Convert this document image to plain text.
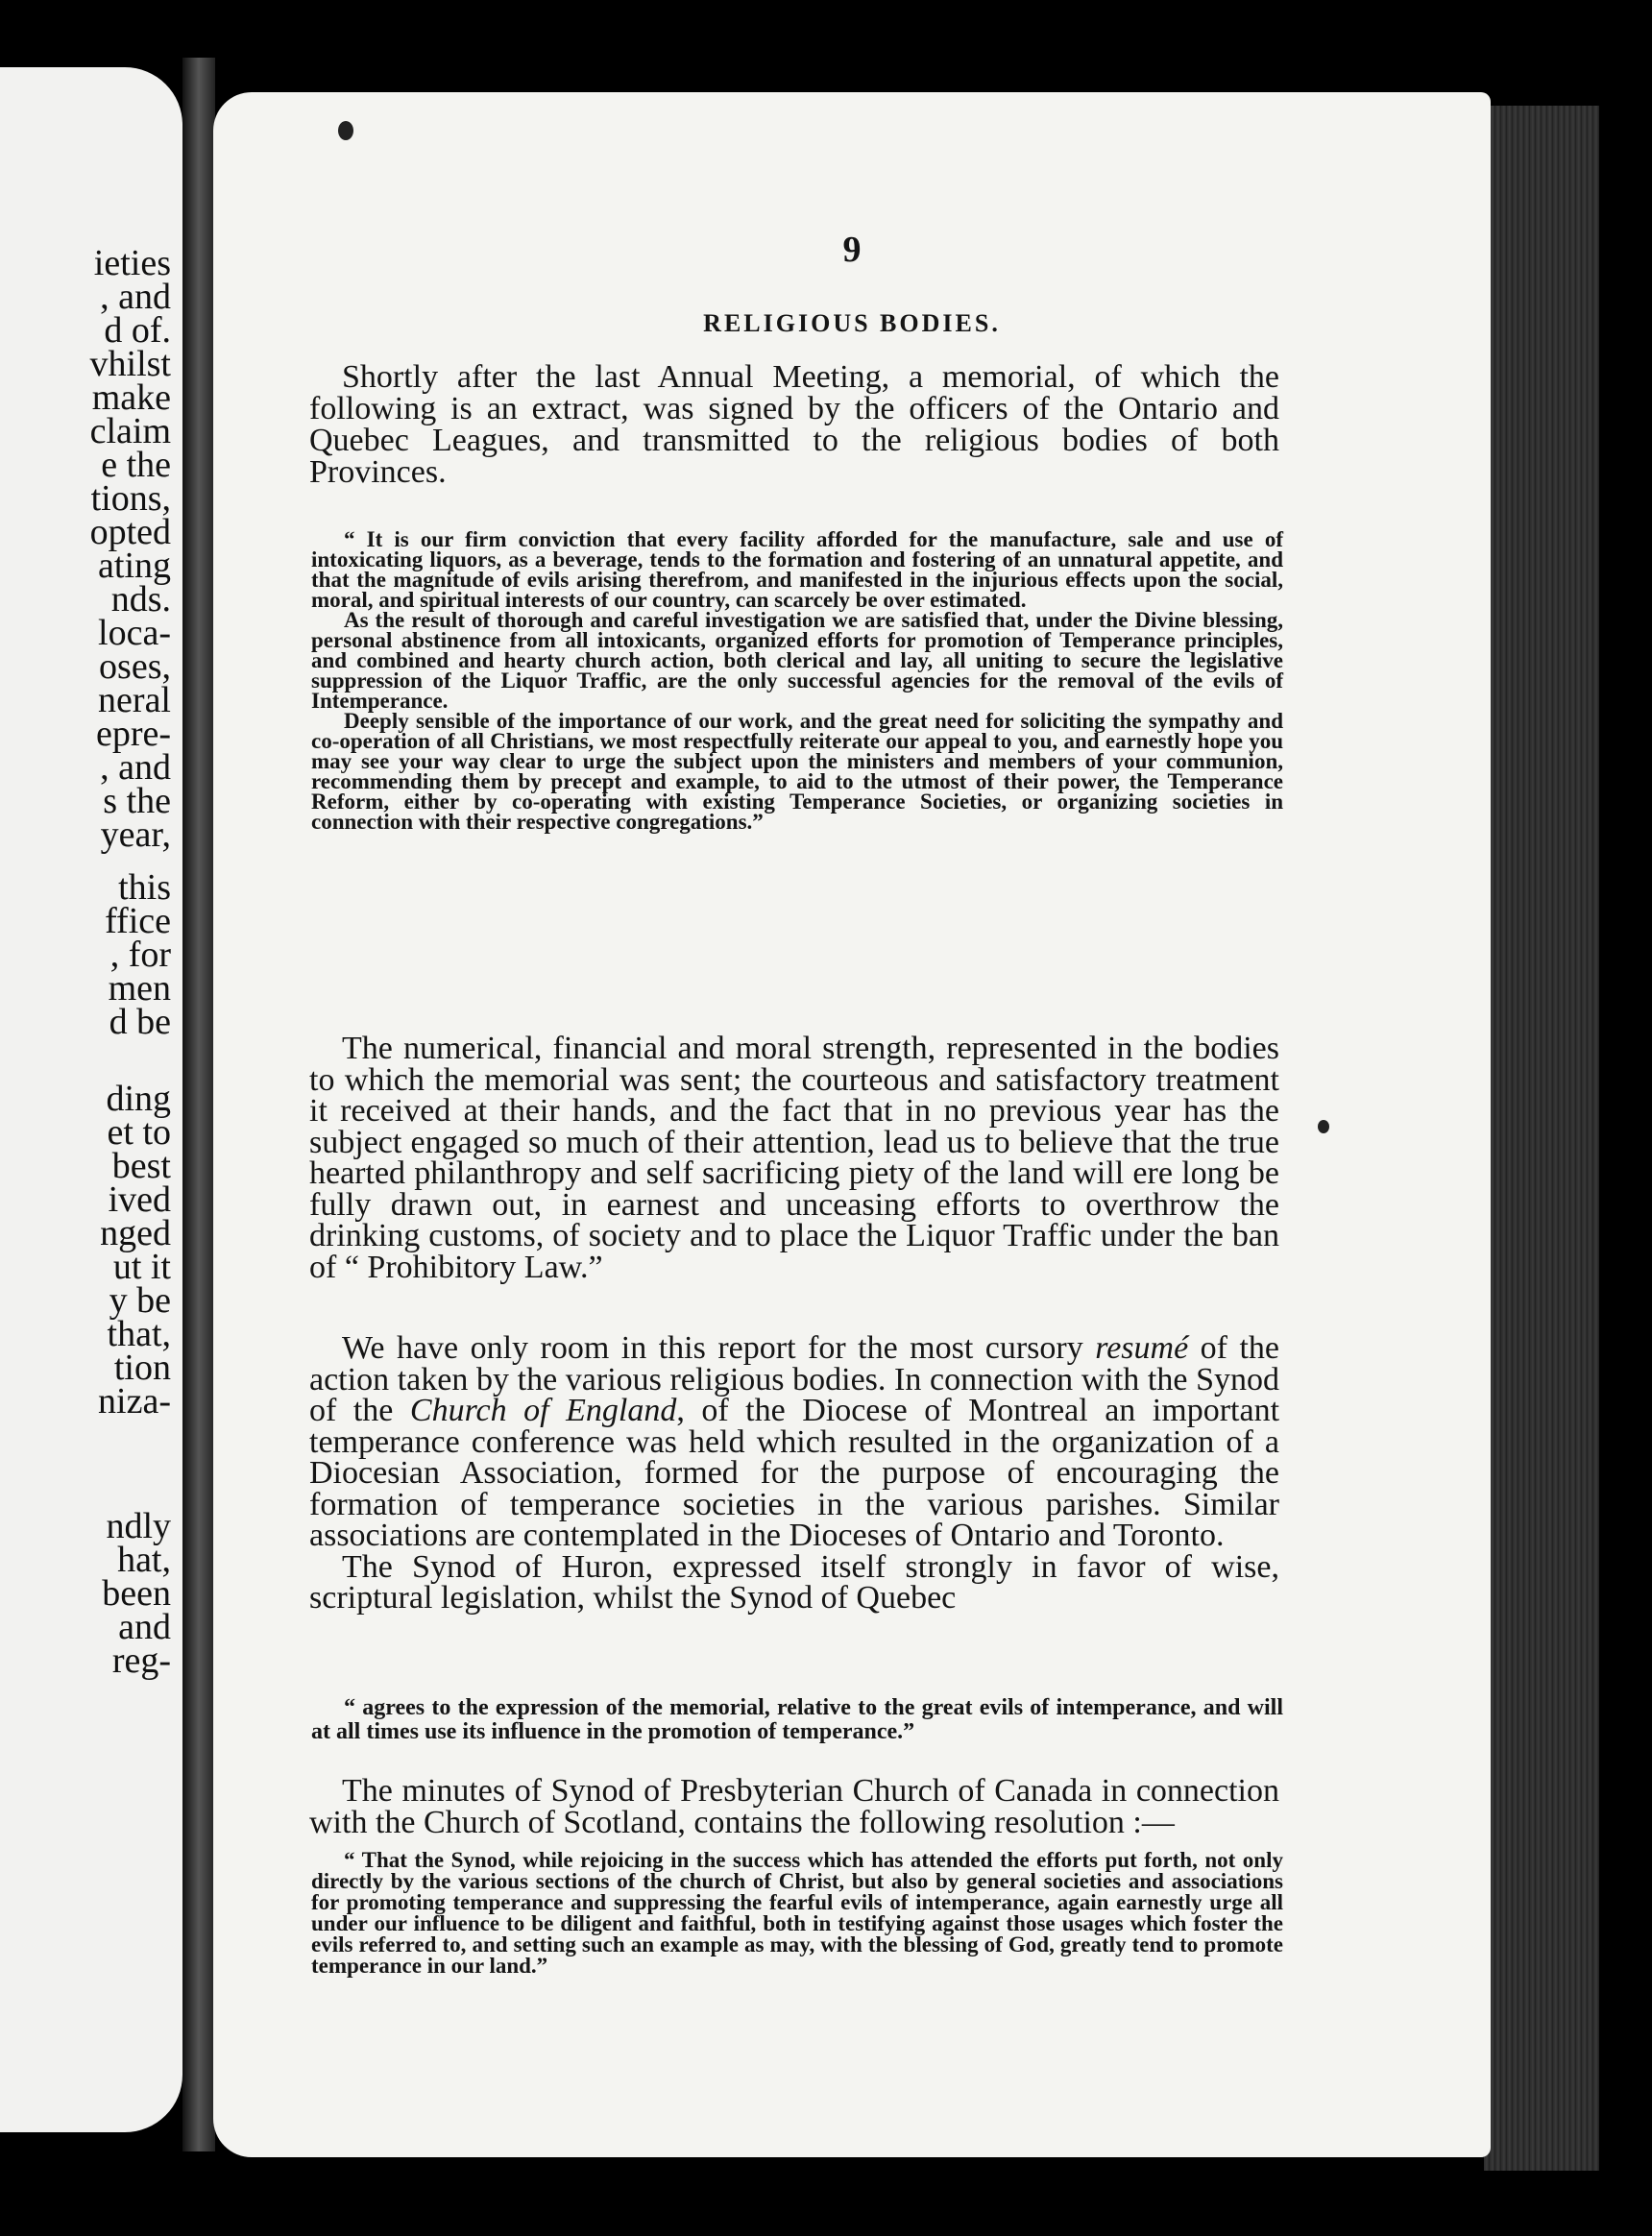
ieties
, and
d of.
vhilst
make
claim
e the
tions,
opted
ating
nds.
loca-
oses,
neral
epre-
, and
s the
year,
this
ffice
, for
men
d be
ding
et to
best
ived
nged
ut it
y be
that,
tion
niza-
ndly
hat,
been
and
reg-
9
RELIGIOUS BODIES.

Shortly after the last Annual Meeting, a memorial, of which the following is an extract, was signed by the officers of the Ontario and Quebec Leagues, and transmitted to the religious bodies of both Provinces.

“ It is our firm conviction that every facility afforded for the manufacture, sale and use of intoxicating liquors, as a beverage, tends to the formation and fostering of an unnatural appetite, and that the magnitude of evils arising therefrom, and manifested in the injurious effects upon the social, moral, and spiritual interests of our country, can scarcely be over estimated.

As the result of thorough and careful investigation we are satisfied that, under the Divine blessing, personal abstinence from all intoxicants, organized efforts for promotion of Temperance principles, and combined and hearty church action, both clerical and lay, all uniting to secure the legislative suppression of the Liquor Traffic, are the only successful agencies for the removal of the evils of Intemperance.

Deeply sensible of the importance of our work, and the great need for soliciting the sympathy and co-operation of all Christians, we most respectfully reiterate our appeal to you, and earnestly hope you may see your way clear to urge the subject upon the ministers and members of your communion, recommending them by precept and example, to aid to the utmost of their power, the Temperance Reform, either by co-operating with existing Temperance Societies, or organizing societies in connection with their respective congregations.”

The numerical, financial and moral strength, represented in the bodies to which the memorial was sent; the courteous and satisfactory treatment it received at their hands, and the fact that in no previous year has the subject engaged so much of their attention, lead us to believe that the true hearted philanthropy and self sacrificing piety of the land will ere long be fully drawn out, in earnest and unceasing efforts to overthrow the drinking customs, of society and to place the Liquor Traffic under the ban of “ Prohibitory Law.”

We have only room in this report for the most cursory resumé of the action taken by the various religious bodies. In connection with the Synod of the Church of England, of the Diocese of Montreal an important temperance conference was held which resulted in the organization of a Diocesian Association, formed for the purpose of encouraging the formation of temperance societies in the various parishes. Similar associations are contemplated in the Dioceses of Ontario and Toronto.

The Synod of Huron, expressed itself strongly in favor of wise, scriptural legislation, whilst the Synod of Quebec

“ agrees to the expression of the memorial, relative to the great evils of intemperance, and will at all times use its influence in the promotion of temperance.”

The minutes of Synod of Presbyterian Church of Canada in connection with the Church of Scotland, contains the following resolution :—

“ That the Synod, while rejoicing in the success which has attended the efforts put forth, not only directly by the various sections of the church of Christ, but also by general societies and associations for promoting temperance and suppressing the fearful evils of intemperance, again earnestly urge all under our influence to be diligent and faithful, both in testifying against those usages which foster the evils referred to, and setting such an example as may, with the blessing of God, greatly tend to promote temperance in our land.”
